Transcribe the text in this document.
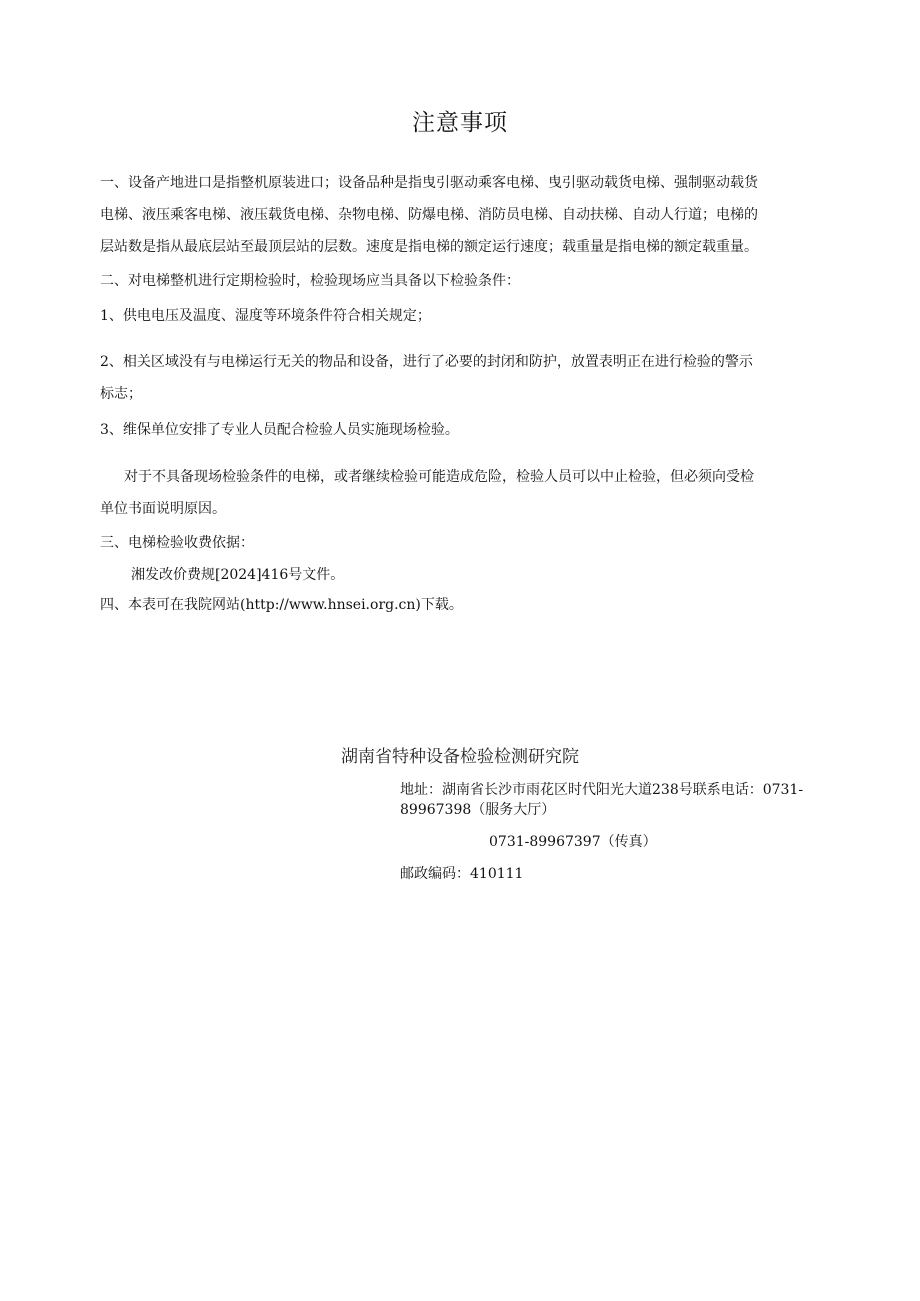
注意事项
一、设备产地进口是指整机原装进口；设备品种是指曳引驱动乘客电梯、曳引驱动载货电梯、强制驱动载货
电梯、液压乘客电梯、液压载货电梯、杂物电梯、防爆电梯、消防员电梯、自动扶梯、自动人行道；电梯的
层站数是指从最底层站至最顶层站的层数。速度是指电梯的额定运行速度；载重量是指电梯的额定载重量。
二、对电梯整机进行定期检验时，检验现场应当具备以下检验条件：
1、供电电压及温度、湿度等环境条件符合相关规定；
2、相关区域没有与电梯运行无关的物品和设备，进行了必要的封闭和防护，放置表明正在进行检验的警示
标志；
3、维保单位安排了专业人员配合检验人员实施现场检验。
对于不具备现场检验条件的电梯，或者继续检验可能造成危险，检验人员可以中止检验，但必须向受检
单位书面说明原因。
三、电梯检验收费依据：
湘发改价费规[2024]416号文件。
四、本表可在我院网站(http://www.hnsei.org.cn)下载。
湖南省特种设备检验检测研究院
地址：湖南省长沙市雨花区时代阳光大道238号联系电话：0731-
89967398（服务大厅）
0731-89967397（传真）
邮政编码：410111
